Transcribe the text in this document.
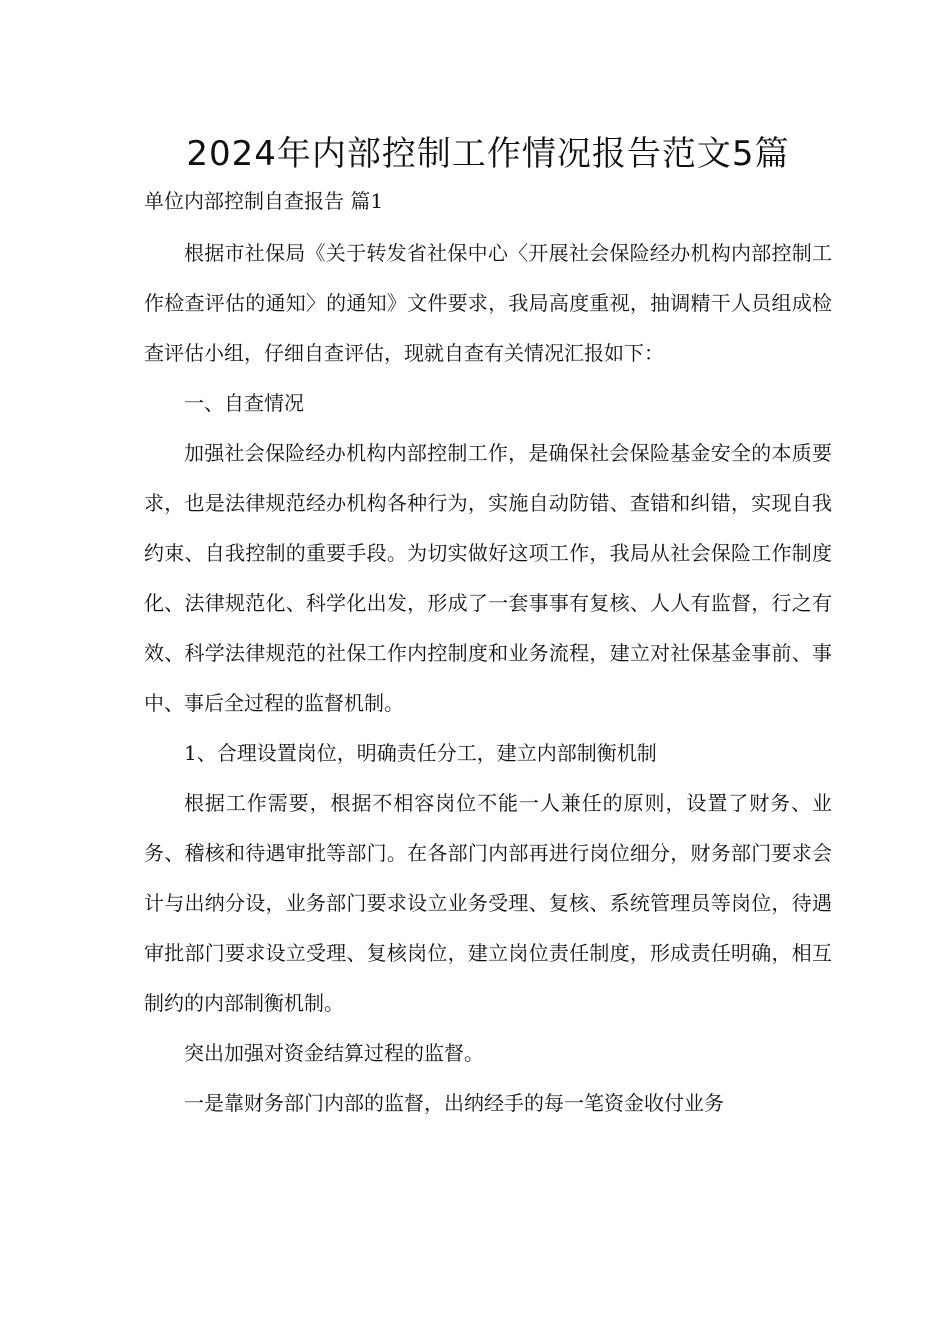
2024年内部控制工作情况报告范文5篇

单位内部控制自查报告 篇1

根据市社保局《关于转发省社保中心〈开展社会保险经办机构内部控制工作检查评估的通知〉的通知》文件要求，我局高度重视，抽调精干人员组成检查评估小组，仔细自查评估，现就自查有关情况汇报如下：

一、自查情况

加强社会保险经办机构内部控制工作，是确保社会保险基金安全的本质要求，也是法律规范经办机构各种行为，实施自动防错、查错和纠错，实现自我约束、自我控制的重要手段。为切实做好这项工作，我局从社会保险工作制度化、法律规范化、科学化出发，形成了一套事事有复核、人人有监督，行之有效、科学法律规范的社保工作内控制度和业务流程，建立对社保基金事前、事中、事后全过程的监督机制。

1、合理设置岗位，明确责任分工，建立内部制衡机制

根据工作需要，根据不相容岗位不能一人兼任的原则，设置了财务、业务、稽核和待遇审批等部门。在各部门内部再进行岗位细分，财务部门要求会计与出纳分设，业务部门要求设立业务受理、复核、系统管理员等岗位，待遇审批部门要求设立受理、复核岗位，建立岗位责任制度，形成责任明确，相互制约的内部制衡机制。

突出加强对资金结算过程的监督。

一是靠财务部门内部的监督，出纳经手的每一笔资金收付业务
